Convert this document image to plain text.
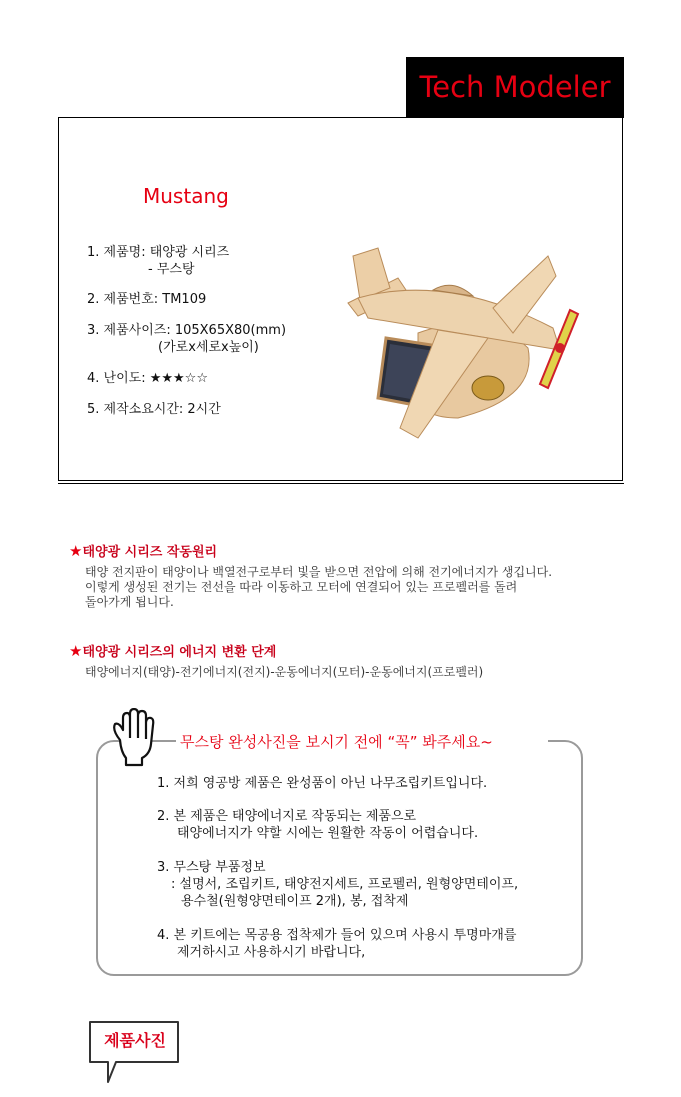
Tech Modeler
Mustang
1. 제품명: 태양광 시리즈
- 무스탕
2. 제품번호: TM109
3. 제품사이즈: 105X65X80(mm)
(가로x세로x높이)
4. 난이도: ★★★☆☆
5. 제작소요시간: 2시간
★태양광 시리즈 작동원리
태양 전지판이 태양이나 백열전구로부터 빛을 받으면 전압에 의해 전기에너지가 생깁니다.
이렇게 생성된 전기는 전선을 따라 이동하고 모터에 연결되어 있는 프로펠러를 돌려
돌아가게 됩니다.
★태양광 시리즈의 에너지 변환 단계
태양에너지(태양)-전기에너지(전지)-운동에너지(모터)-운동에너지(프로펠러)
무스탕 완성사진을 보시기 전에 “꼭” 봐주세요~
1. 저희 영공방 제품은 완성품이 아닌 나무조립키트입니다.
2. 본 제품은 태양에너지로 작동되는 제품으로
태양에너지가 약할 시에는 원활한 작동이 어렵습니다.
3. 무스탕 부품정보
: 설명서, 조립키트, 태양전지세트, 프로펠러, 원형양면테이프,
용수철(원형양면테이프 2개), 봉, 접착제
4. 본 키트에는 목공용 접착제가 들어 있으며 사용시 투명마개를
제거하시고 사용하시기 바랍니다,
제품사진
